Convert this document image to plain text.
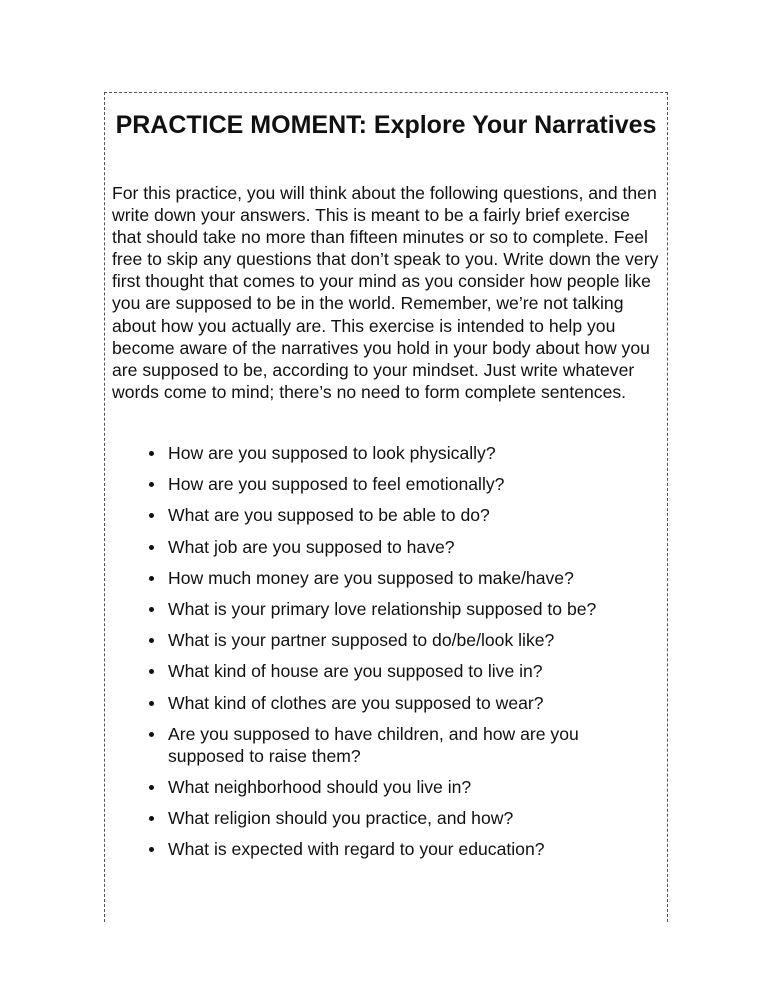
PRACTICE MOMENT: Explore Your Narratives

For this practice, you will think about the following questions, and then write down your answers. This is meant to be a fairly brief exercise that should take no more than fifteen minutes or so to complete. Feel free to skip any questions that don’t speak to you. Write down the very first thought that comes to your mind as you consider how people like you are supposed to be in the world. Remember, we’re not talking about how you actually are. This exercise is intended to help you become aware of the narratives you hold in your body about how you are supposed to be, according to your mindset. Just write whatever words come to mind; there’s no need to form complete sentences.

How are you supposed to look physically?
How are you supposed to feel emotionally?
What are you supposed to be able to do?
What job are you supposed to have?
How much money are you supposed to make/have?
What is your primary love relationship supposed to be?
What is your partner supposed to do/be/look like?
What kind of house are you supposed to live in?
What kind of clothes are you supposed to wear?
Are you supposed to have children, and how are you supposed to raise them?
What neighborhood should you live in?
What religion should you practice, and how?
What is expected with regard to your education?
